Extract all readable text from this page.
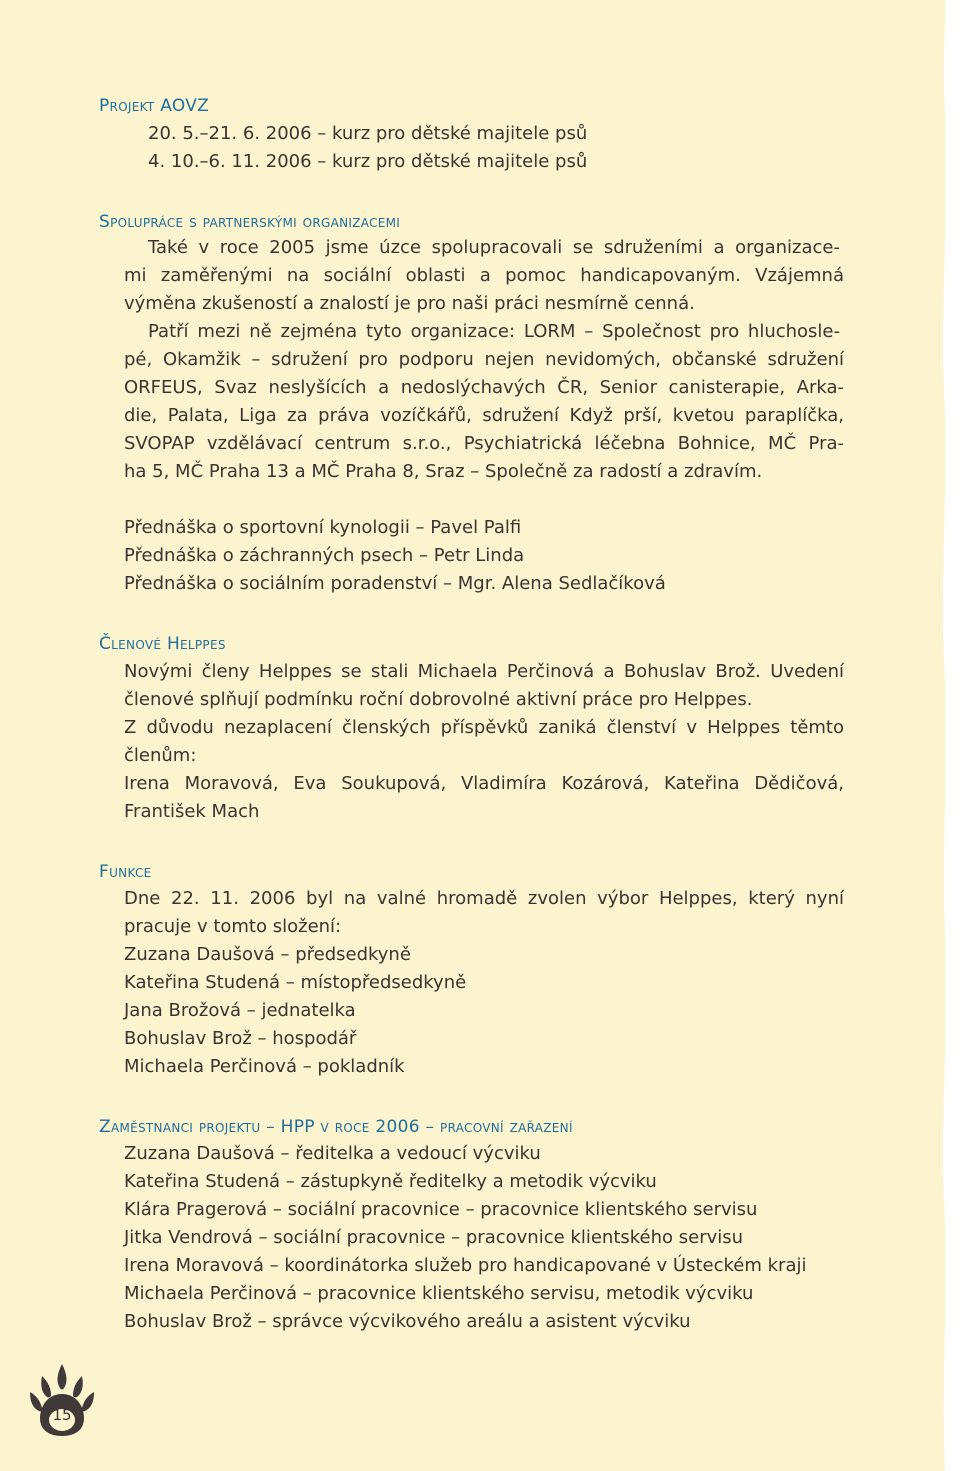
Projekt AOVZ
20. 5.–21. 6. 2006 – kurz pro dětské majitele psů
4. 10.–6. 11. 2006 – kurz pro dětské majitele psů
Spolupráce s partnerskými organizacemi
Také v roce 2005 jsme úzce spolupracovali se sdruženími a organizace-
mi zaměřenými na sociální oblasti a pomoc handicapovaným. Vzájemná
výměna zkušeností a znalostí je pro naši práci nesmírně cenná.
Patří mezi ně zejména tyto organizace: LORM – Společnost pro hluchosle-
pé, Okamžik – sdružení pro podporu nejen nevidomých, občanské sdružení
ORFEUS, Svaz neslyšících a nedoslýchavých ČR, Senior canisterapie, Arka-
die, Palata, Liga za práva vozíčkářů, sdružení Když prší, kvetou paraplíčka,
SVOPAP vzdělávací centrum s.r.o., Psychiatrická léčebna Bohnice, MČ Pra-
ha 5, MČ Praha 13 a MČ Praha 8, Sraz – Společně za radostí a zdravím.
Přednáška o sportovní kynologii – Pavel Palfi
Přednáška o záchranných psech – Petr Linda
Přednáška o sociálním poradenství – Mgr. Alena Sedlačíková
Členové Helppes
Novými členy Helppes se stali Michaela Perčinová a Bohuslav Brož. Uvedení
členové splňují podmínku roční dobrovolné aktivní práce pro Helppes.
Z důvodu nezaplacení členských příspěvků zaniká členství v Helppes těmto
členům:
Irena Moravová, Eva Soukupová, Vladimíra Kozárová, Kateřina Dědičová,
František Mach
Funkce
Dne 22. 11. 2006 byl na valné hromadě zvolen výbor Helppes, který nyní
pracuje v tomto složení:
Zuzana Daušová – předsedkyně
Kateřina Studená – místopředsedkyně
Jana Brožová – jednatelka
Bohuslav Brož – hospodář
Michaela Perčinová – pokladník
Zaměstnanci projektu – HPP v roce 2006 – pracovní zařazení
Zuzana Daušová – ředitelka a vedoucí výcviku
Kateřina Studená – zástupkyně ředitelky a metodik výcviku
Klára Pragerová – sociální pracovnice – pracovnice klientského servisu
Jitka Vendrová – sociální pracovnice – pracovnice klientského servisu
Irena Moravová – koordinátorka služeb pro handicapované v Ústeckém kraji
Michaela Perčinová – pracovnice klientského servisu, metodik výcviku
Bohuslav Brož – správce výcvikového areálu a asistent výcviku
15
